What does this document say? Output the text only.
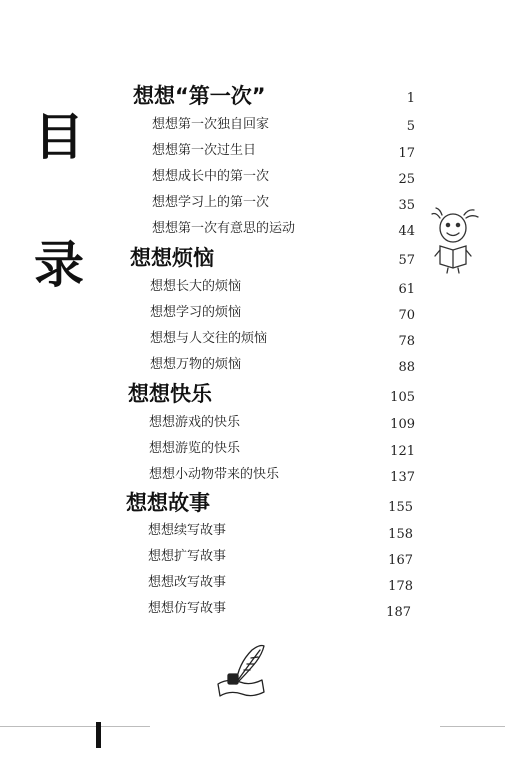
目
录
想想“第一次”	1
想想第一次独自回家	5
想想第一次过生日	17
想想成长中的第一次	25
想想学习上的第一次	35
想想第一次有意思的运动	44
想想烦恼	57
想想长大的烦恼	61
想想学习的烦恼	70
想想与人交往的烦恼	78
想想万物的烦恼	88
想想快乐	105
想想游戏的快乐	109
想想游览的快乐	121
想想小动物带来的快乐	137
想想故事	155
想想续写故事	158
想想扩写故事	167
想想改写故事	178
想想仿写故事	187
